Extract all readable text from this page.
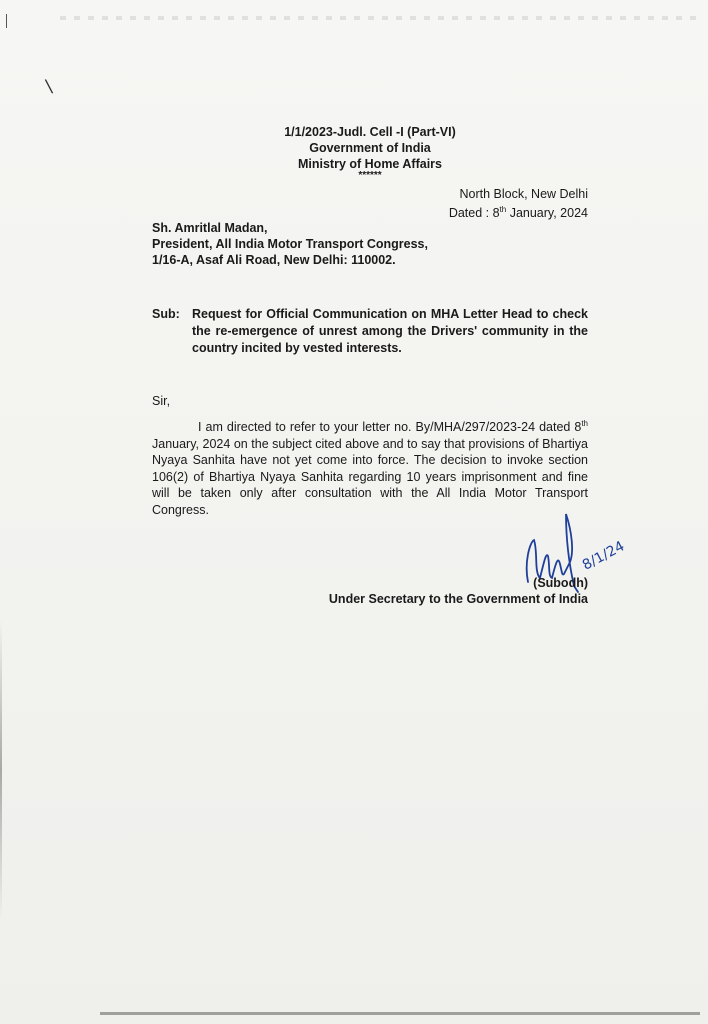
\
1/1/2023-Judl. Cell -I (Part-VI)
Government of India
Ministry of Home Affairs
******
North Block, New Delhi
Dated : 8th January, 2024
Sh. Amritlal Madan,
President, All India Motor Transport Congress,
1/16-A, Asaf Ali Road, New Delhi: 110002.
Sub: Request for Official Communication on MHA Letter Head to check the re-emergence of unrest among the Drivers' community in the country incited by vested interests.
Sir,
I am directed to refer to your letter no. By/MHA/297/2023-24 dated 8th January, 2024 on the subject cited above and to say that provisions of Bhartiya Nyaya Sanhita have not yet come into force. The decision to invoke section 106(2) of Bhartiya Nyaya Sanhita regarding 10 years imprisonment and fine will be taken only after consultation with the All India Motor Transport Congress.
8/1/24
(Subodh)
Under Secretary to the Government of India
